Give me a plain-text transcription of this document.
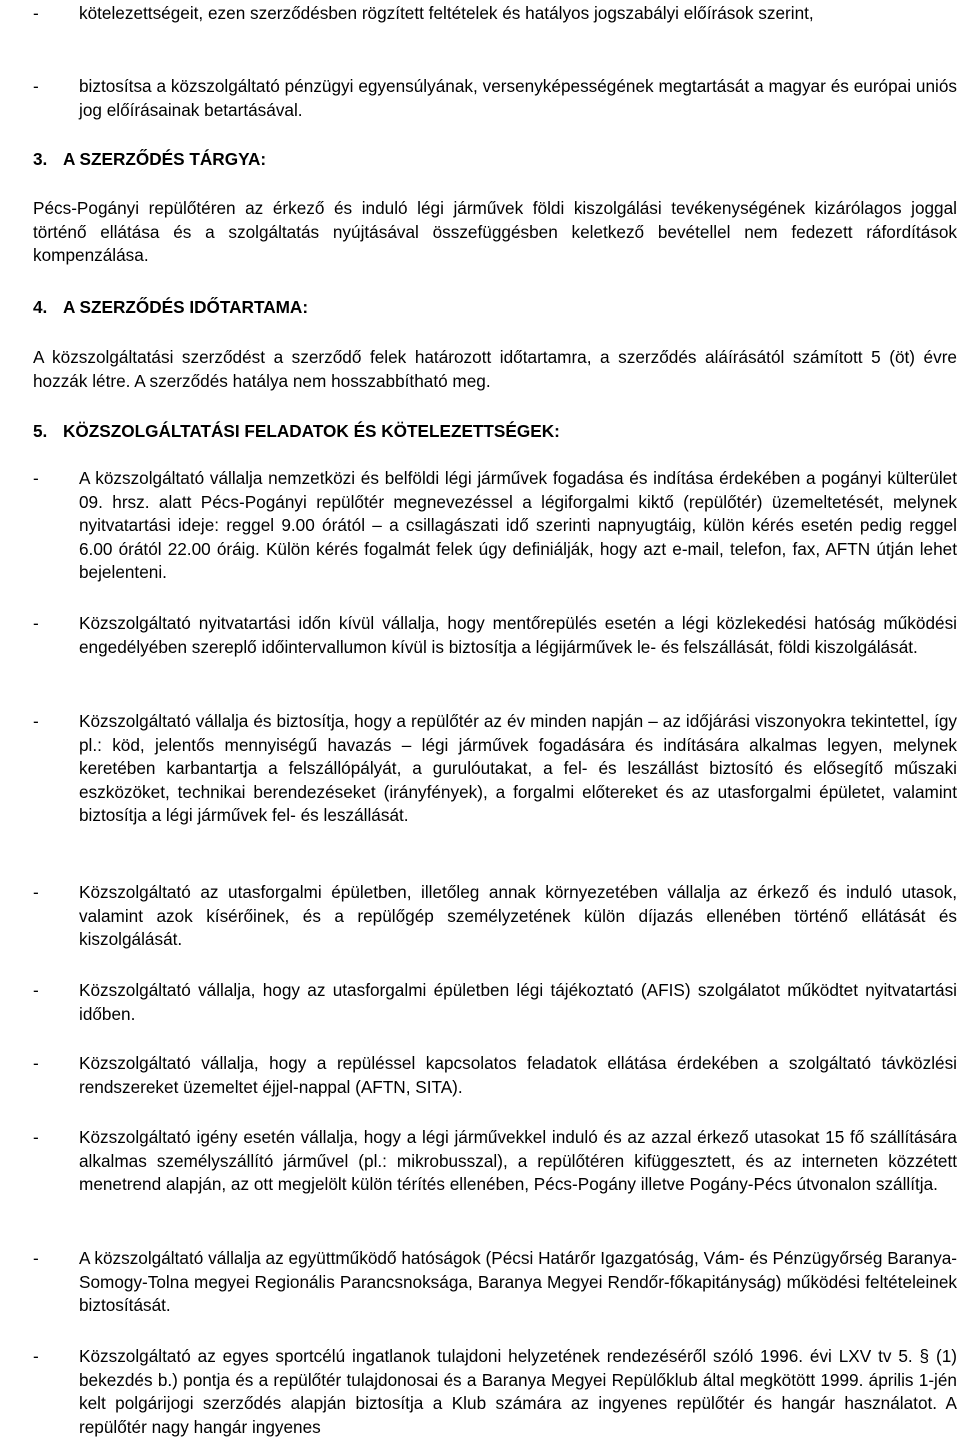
-	kötelezettségeit, ezen szerződésben rögzített feltételek és hatályos jogszabályi előírások szerint,
-	biztosítsa a közszolgáltató pénzügyi egyensúlyának, versenyképességének megtartását a magyar és európai uniós jog előírásainak betartásával.
3. A SZERZŐDÉS TÁRGYA:

Pécs-Pogányi repülőtéren az érkező és induló légi járművek földi kiszolgálási tevékenységének kizárólagos joggal történő ellátása és a szolgáltatás nyújtásával összefüggésben keletkező bevétellel nem fedezett ráfordítások kompenzálása.

4. A SZERZŐDÉS IDŐTARTAMA:

A közszolgáltatási szerződést a szerződő felek határozott időtartamra, a szerződés aláírásától számított 5 (öt) évre hozzák létre. A szerződés hatálya nem hosszabbítható meg.

5. KÖZSZOLGÁLTATÁSI FELADATOK ÉS KÖTELEZETTSÉGEK:
-	A közszolgáltató vállalja nemzetközi és belföldi légi járművek fogadása és indítása érdekében a pogányi külterület 09. hrsz. alatt Pécs-Pogányi repülőtér megnevezéssel a légiforgalmi kiktő (repülőtér) üzemeltetését, melynek nyitvatartási ideje: reggel 9.00 órától – a csillagászati idő szerinti napnyugtáig, külön kérés esetén pedig reggel 6.00 órától 22.00 óráig. Külön kérés fogalmát felek úgy definiálják, hogy azt e-mail, telefon, fax, AFTN útján lehet bejelenteni.
-	Közszolgáltató nyitvatartási időn kívül vállalja, hogy mentőrepülés esetén a légi közlekedési hatóság működési engedélyében szereplő időintervallumon kívül is biztosítja a légijárművek le- és felszállását, földi kiszolgálását.
-	Közszolgáltató vállalja és biztosítja, hogy a repülőtér az év minden napján – az időjárási viszonyokra tekintettel, így pl.: köd, jelentős mennyiségű havazás – légi járművek fogadására és indítására alkalmas legyen, melynek keretében karbantartja a felszállópályát, a gurulóutakat, a fel- és leszállást biztosító és elősegítő műszaki eszközöket, technikai berendezéseket (irányfények), a forgalmi előtereket és az utasforgalmi épületet, valamint biztosítja a légi járművek fel- és leszállását.
-	Közszolgáltató az utasforgalmi épületben, illetőleg annak környezetében vállalja az érkező és induló utasok, valamint azok kísérőinek, és a repülőgép személyzetének külön díjazás ellenében történő ellátását és kiszolgálását.
-	Közszolgáltató vállalja, hogy az utasforgalmi épületben légi tájékoztató (AFIS) szolgálatot működtet nyitvatartási időben.
-	Közszolgáltató vállalja, hogy a repüléssel kapcsolatos feladatok ellátása érdekében a szolgáltató távközlési rendszereket üzemeltet éjjel-nappal (AFTN, SITA).
-	Közszolgáltató igény esetén vállalja, hogy a légi járművekkel induló és az azzal érkező utasokat 15 fő szállítására alkalmas személyszállító járművel (pl.: mikrobusszal), a repülőtéren kifüggesztett, és az interneten közzétett menetrend alapján, az ott megjelölt külön térítés ellenében, Pécs-Pogány illetve Pogány-Pécs útvonalon szállítja.
-	A közszolgáltató vállalja az együttműködő hatóságok (Pécsi Határőr Igazgatóság, Vám- és Pénzügyőrség Baranya-Somogy-Tolna megyei Regionális Parancsnoksága, Baranya Megyei Rendőr-főkapitányság) működési feltételeinek biztosítását.
-	Közszolgáltató az egyes sportcélú ingatlanok tulajdoni helyzetének rendezéséről szóló 1996. évi LXV tv 5. § (1) bekezdés b.) pontja és a repülőtér tulajdonosai és a Baranya Megyei Repülőklub által megkötött 1999. április 1-jén kelt polgárijogi szerződés alapján biztosítja a Klub számára az ingyenes repülőtér és hangár használatot. A repülőtér nagy hangár ingyenes
